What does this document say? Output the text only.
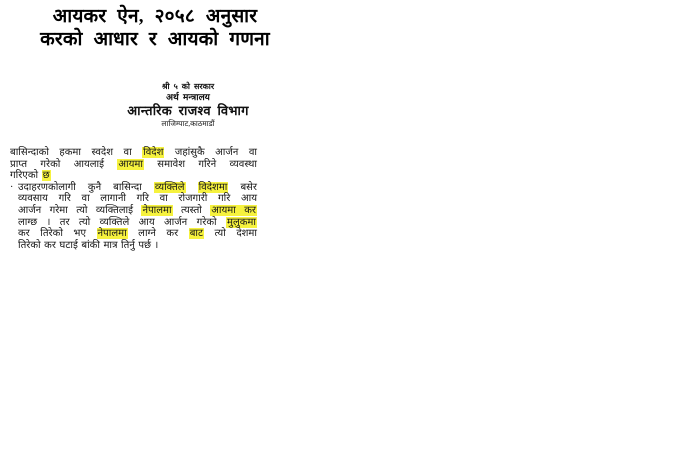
आयकर ऐन, २०५८ अनुसार
करको आधार र आयको गणना
श्री ५ को सरकार
अर्थ मन्त्रालय
आन्तरिक राजश्व विभाग
लाजिम्पाट,काठमाडौं
बासिन्दाको हकमा स्वदेश वा विदेश जहांसुकै आर्जन वा
प्राप्त गरेको आयलाई आयमा समावेश गरिने व्यवस्था
गरिएको छ
· उदाहरणकोलागी कुनै बासिन्दा व्यक्तिले विदेशमा बसेर
व्यवसाय गरि वा लागानी गरि वा रोजगारी गरि आय
आर्जन गरेमा त्यो व्यक्तिलाई नेपालमा त्यस्तो आयमा कर
लाग्छ । तर त्यो व्यक्तिले आय आर्जन गरेको मुलुकमा
कर तिरेको भए नेपालमा लाग्ने कर बाट त्यो देशमा
तिरेको कर घटाई बांकी मात्र तिर्नु पर्छ ।
